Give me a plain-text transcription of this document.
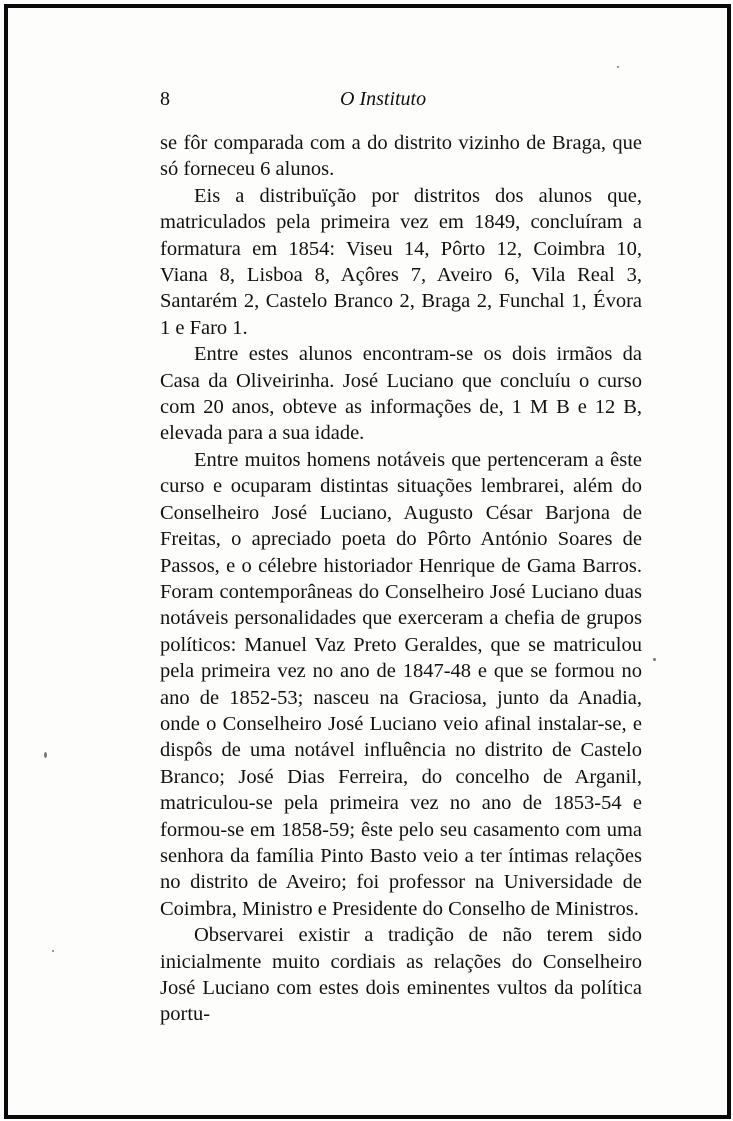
8	O Instituto

se fôr comparada com a do distrito vizinho de Braga, que só forneceu 6 alunos.

Eis a distribuïção por distritos dos alunos que, matriculados pela primeira vez em 1849, concluíram a formatura em 1854: Viseu 14, Pôrto 12, Coimbra 10, Viana 8, Lisboa 8, Açôres 7, Aveiro 6, Vila Real 3, Santarém 2, Castelo Branco 2, Braga 2, Funchal 1, Évora 1 e Faro 1.

Entre estes alunos encontram-se os dois irmãos da Casa da Oliveirinha. José Luciano que concluíu o curso com 20 anos, obteve as informações de, 1 M B e 12 B, elevada para a sua idade.

Entre muitos homens notáveis que pertenceram a êste curso e ocuparam distintas situações lembrarei, além do Conselheiro José Luciano, Augusto César Barjona de Freitas, o apreciado poeta do Pôrto António Soares de Passos, e o célebre historiador Henrique de Gama Barros. Foram contemporâneas do Conselheiro José Luciano duas notáveis personalidades que exerceram a chefia de grupos políticos: Manuel Vaz Preto Geraldes, que se matriculou pela primeira vez no ano de 1847-48 e que se formou no ano de 1852-53; nasceu na Graciosa, junto da Anadia, onde o Conselheiro José Luciano veio afinal instalar-se, e dispôs de uma notável influência no distrito de Castelo Branco; José Dias Ferreira, do concelho de Arganil, matriculou-se pela primeira vez no ano de 1853-54 e formou-se em 1858-59; êste pelo seu casamento com uma senhora da família Pinto Basto veio a ter íntimas relações no distrito de Aveiro; foi professor na Universidade de Coimbra, Ministro e Presidente do Conselho de Ministros.

Observarei existir a tradição de não terem sido inicialmente muito cordiais as relações do Conselheiro José Luciano com estes dois eminentes vultos da política portu-
